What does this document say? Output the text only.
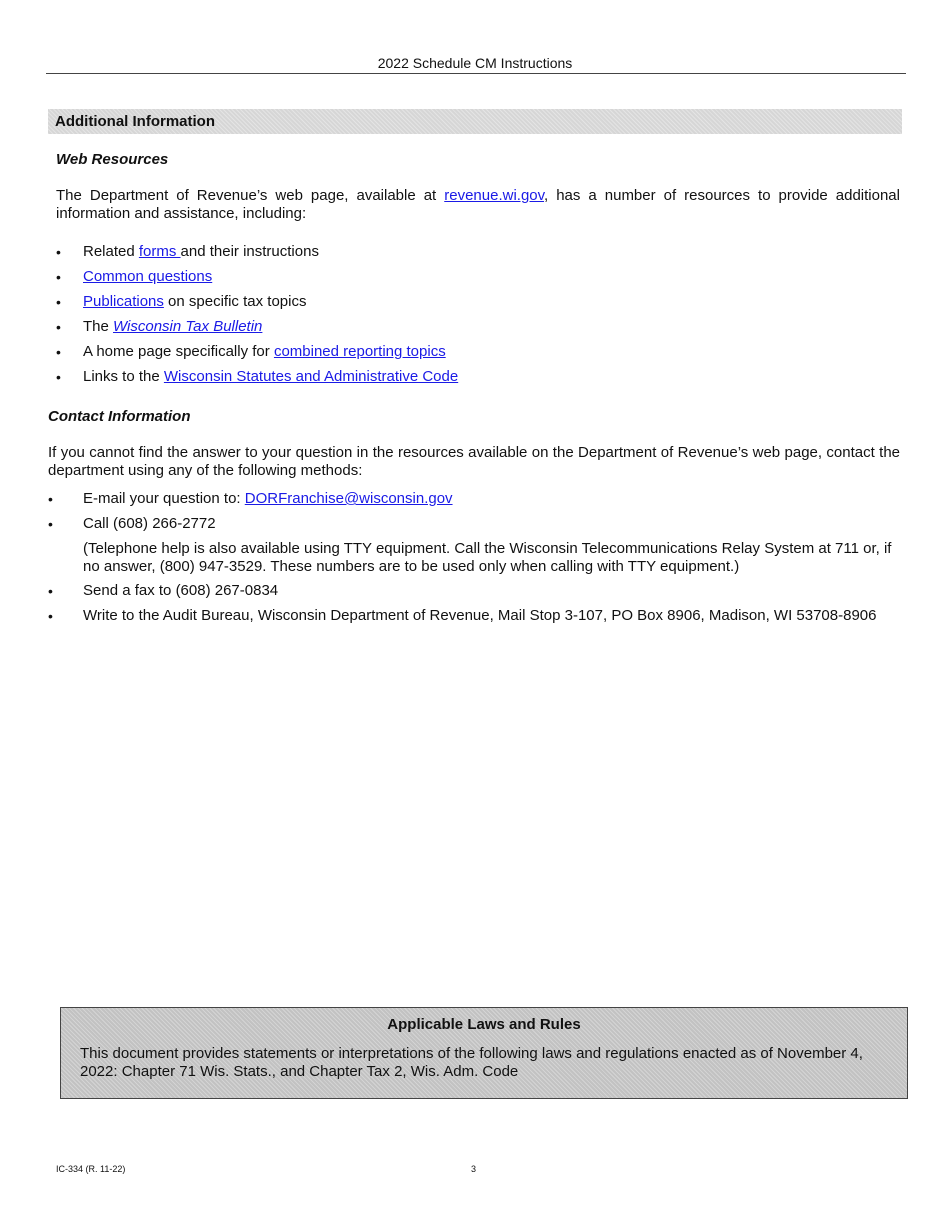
2022 Schedule CM Instructions
Additional Information
Web Resources
The Department of Revenue’s web page, available at revenue.wi.gov, has a number of resources to provide additional information and assistance, including:
•	Related forms and their instructions
•	Common questions
•	Publications on specific tax topics
•	The Wisconsin Tax Bulletin
•	A home page specifically for combined reporting topics
•	Links to the Wisconsin Statutes and Administrative Code
Contact Information
If you cannot find the answer to your question in the resources available on the Department of Revenue’s web page, contact the department using any of the following methods:
•	E-mail your question to: DORFranchise@wisconsin.gov
•	Call (608) 266-2772
(Telephone help is also available using TTY equipment. Call the Wisconsin Telecommunications Relay System at 711 or, if no answer, (800) 947-3529. These numbers are to be used only when calling with TTY equipment.)
•	Send a fax to (608) 267-0834
•	Write to the Audit Bureau, Wisconsin Department of Revenue, Mail Stop 3-107, PO Box 8906, Madison, WI 53708-8906
Applicable Laws and Rules
This document provides statements or interpretations of the following laws and regulations enacted as of November 4, 2022: Chapter 71 Wis. Stats., and Chapter Tax 2, Wis. Adm. Code
IC-334 (R. 11-22)	3
